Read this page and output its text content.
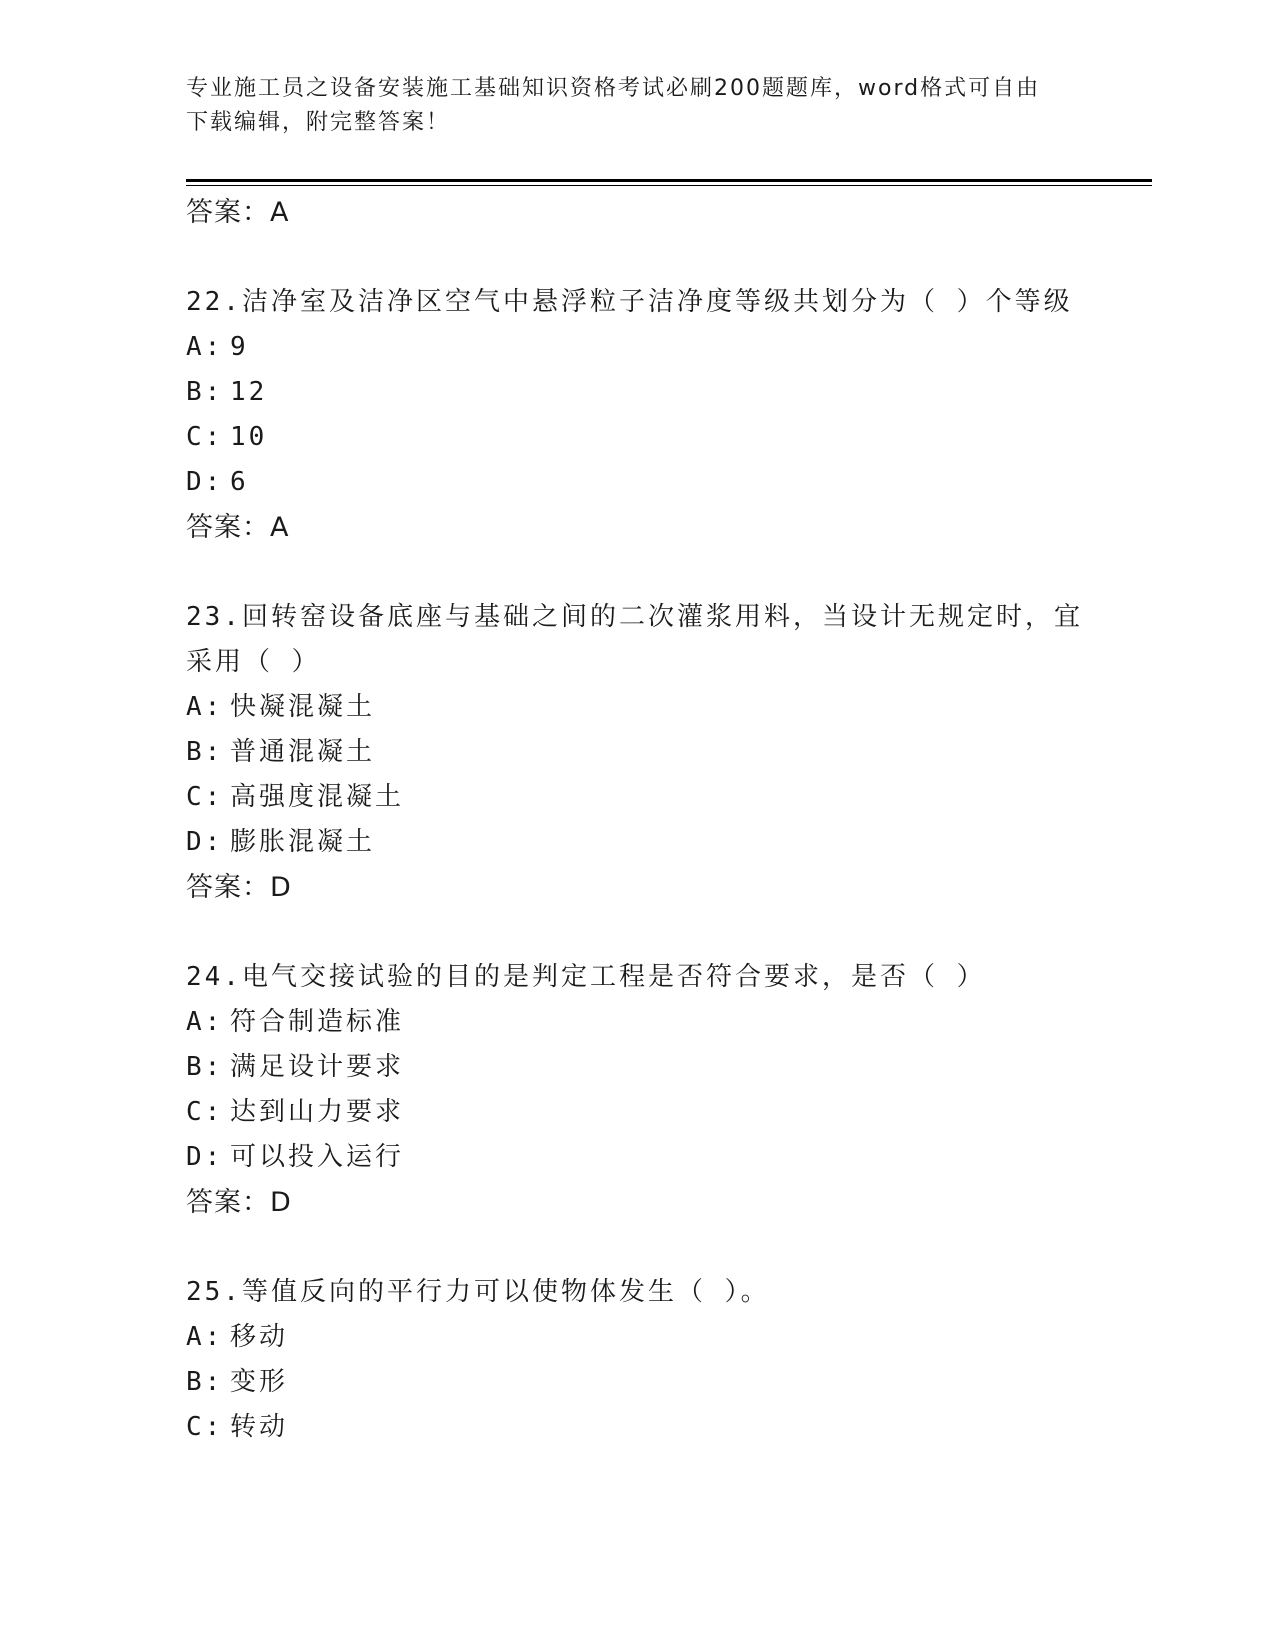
专业施工员之设备安装施工基础知识资格考试必刷200题题库，word格式可自由
下载编辑，附完整答案！
答案：A
22.洁净室及洁净区空气中悬浮粒子洁净度等级共划分为（ ）个等级
A: 9
B: 12
C: 10
D: 6
答案：A
23.回转窑设备底座与基础之间的二次灌浆用料，当设计无规定时，宜
采用（ ）
A: 快凝混凝土
B: 普通混凝土
C: 高强度混凝土
D: 膨胀混凝土
答案：D
24.电气交接试验的目的是判定工程是否符合要求，是否（ ）
A: 符合制造标准
B: 满足设计要求
C: 达到山力要求
D: 可以投入运行
答案：D
25.等值反向的平行力可以使物体发生（ ）。
A: 移动
B: 变形
C: 转动
